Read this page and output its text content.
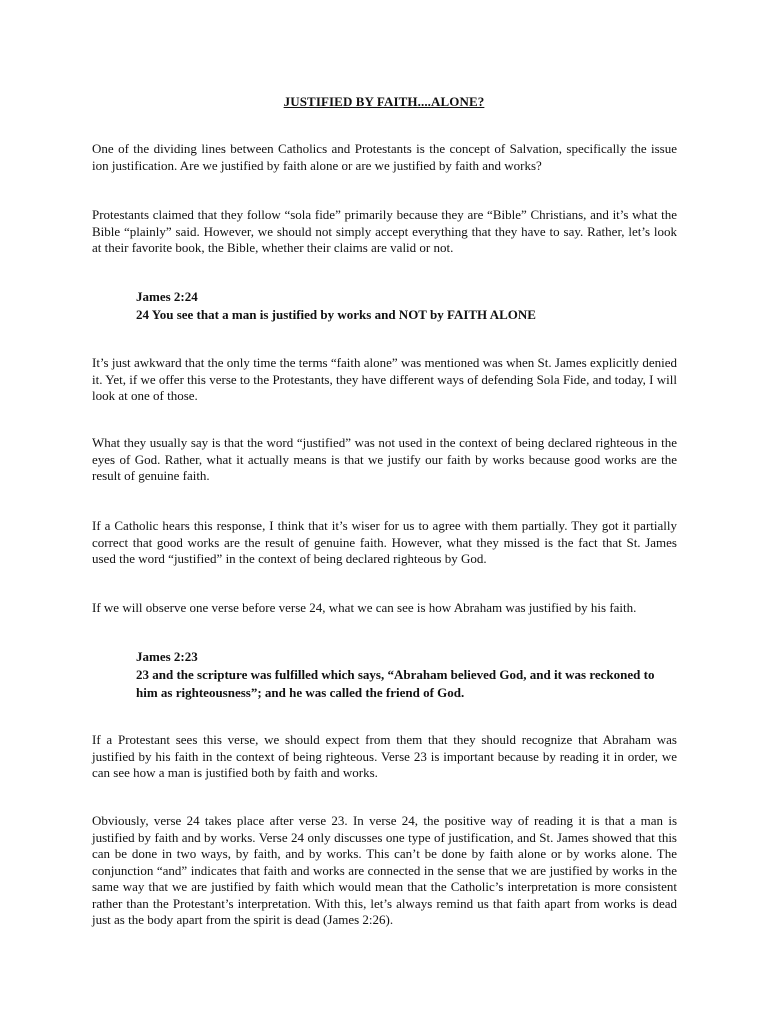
JUSTIFIED BY FAITH....ALONE?
One of the dividing lines between Catholics and Protestants is the concept of Salvation, specifically the issue ion justification. Are we justified by faith alone or are we justified by faith and works?
Protestants claimed that they follow “sola fide” primarily because they are “Bible” Christians, and it’s what the Bible “plainly” said. However, we should not simply accept everything that they have to say. Rather, let’s look at their favorite book, the Bible, whether their claims are valid or not.
James 2:24
24 You see that a man is justified by works and NOT by FAITH ALONE
It’s just awkward that the only time the terms “faith alone” was mentioned was when St. James explicitly denied it. Yet, if we offer this verse to the Protestants, they have different ways of defending Sola Fide, and today, I will look at one of those.
What they usually say is that the word “justified” was not used in the context of being declared righteous in the eyes of God. Rather, what it actually means is that we justify our faith by works because good works are the result of genuine faith.
If a Catholic hears this response, I think that it’s wiser for us to agree with them partially. They got it partially correct that good works are the result of genuine faith. However, what they missed is the fact that St. James used the word “justified” in the context of being declared righteous by God.
If we will observe one verse before verse 24, what we can see is how Abraham was justified by his faith.
James 2:23
23 and the scripture was fulfilled which says, “Abraham believed God, and it was reckoned to him as righteousness”; and he was called the friend of God.
If a Protestant sees this verse, we should expect from them that they should recognize that Abraham was justified by his faith in the context of being righteous. Verse 23 is important because by reading it in order, we can see how a man is justified both by faith and works.
Obviously, verse 24 takes place after verse 23. In verse 24, the positive way of reading it is that a man is justified by faith and by works. Verse 24 only discusses one type of justification, and St. James showed that this can be done in two ways, by faith, and by works. This can’t be done by faith alone or by works alone. The conjunction “and” indicates that faith and works are connected in the sense that we are justified by works in the same way that we are justified by faith which would mean that the Catholic’s interpretation is more consistent rather than the Protestant’s interpretation. With this, let’s always remind us that faith apart from works is dead just as the body apart from the spirit is dead (James 2:26).
